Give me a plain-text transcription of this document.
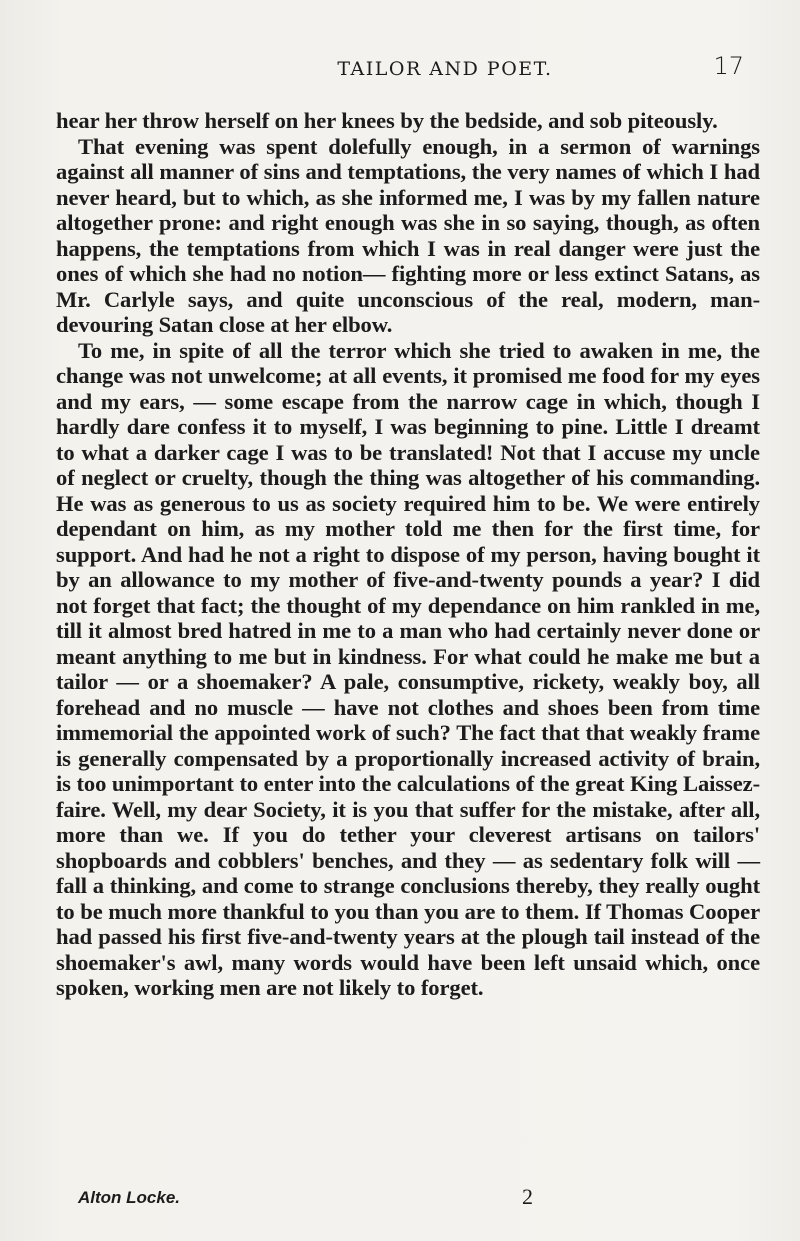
TAILOR AND POET.	17

hear her throw herself on her knees by the bedside, and sob piteously.

That evening was spent dolefully enough, in a sermon of warnings against all manner of sins and temptations, the very names of which I had never heard, but to which, as she informed me, I was by my fallen nature altogether prone: and right enough was she in so saying, though, as often happens, the temptations from which I was in real danger were just the ones of which she had no notion— fighting more or less extinct Satans, as Mr. Carlyle says, and quite unconscious of the real, modern, man-devouring Satan close at her elbow.

To me, in spite of all the terror which she tried to awaken in me, the change was not unwelcome; at all events, it promised me food for my eyes and my ears, — some escape from the narrow cage in which, though I hardly dare confess it to myself, I was beginning to pine. Little I dreamt to what a darker cage I was to be translated! Not that I accuse my uncle of neglect or cruelty, though the thing was altogether of his commanding. He was as generous to us as society required him to be. We were entirely dependant on him, as my mother told me then for the first time, for support. And had he not a right to dispose of my person, having bought it by an allowance to my mother of five-and-twenty pounds a year? I did not forget that fact; the thought of my dependance on him rankled in me, till it almost bred hatred in me to a man who had certainly never done or meant anything to me but in kindness. For what could he make me but a tailor — or a shoemaker? A pale, consumptive, rickety, weakly boy, all forehead and no muscle — have not clothes and shoes been from time immemorial the appointed work of such? The fact that that weakly frame is generally compensated by a proportionally increased activity of brain, is too unimportant to enter into the calculations of the great King Laissez-faire. Well, my dear Society, it is you that suffer for the mistake, after all, more than we. If you do tether your cleverest artisans on tailors' shopboards and cobblers' benches, and they — as sedentary folk will — fall a thinking, and come to strange conclusions thereby, they really ought to be much more thankful to you than you are to them. If Thomas Cooper had passed his first five-and-twenty years at the plough tail instead of the shoemaker's awl, many words would have been left unsaid which, once spoken, working men are not likely to forget.

Alton Locke.	2
